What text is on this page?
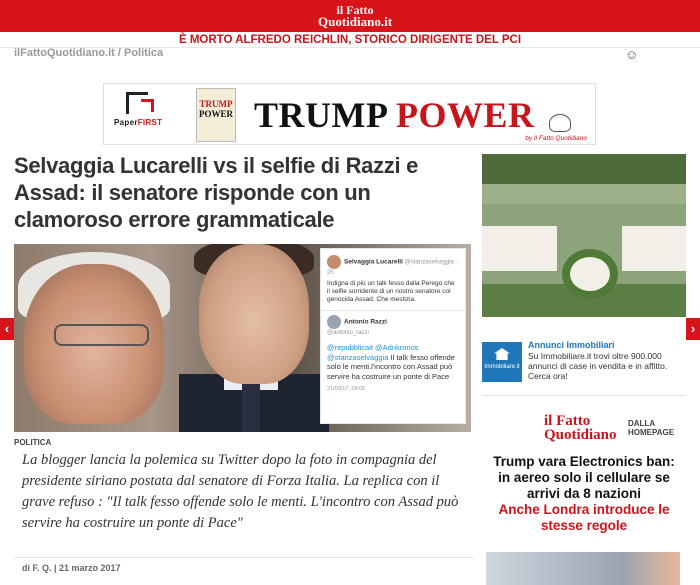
il Fatto
Quotidiano.it
È MORTO ALFREDO REICHLIN, STORICO DIRIGENTE DEL PCI
ilFattoQuotidiano.it / Politica	☺
PaperFIRST
TRUMP
POWER TRUMP POWER
by Il Fatto Quotidiano
Selvaggia Lucarelli vs il selfie di Razzi e Assad: il senatore risponde con un clamoroso errore grammaticale
Selvaggia Lucarelli @stanzaselvaggia · 2h
Indigna di più un talk fesso dalla Perego che il selfie sorridente di un nostro senatore col genocida Assad. Che mestizia.
Antonio Razzi
@antonio_razzi
@repubblicait @Adnkronos
@stanzaselvaggia Il talk fesso offende solo le menti.l'incontro con Assad può servire ha costruire un ponte di Pace
21/03/17, 09:05
POLITICA

La blogger lancia la polemica su Twitter dopo la foto in compagnia del presidente siriano postata dal senatore di Forza Italia. La replica con il grave refuso : "Il talk fesso offende solo le menti. L'incontro con Assad può servire ha costruire un ponte di Pace"

di F. Q. | 21 marzo 2017
immobiliare.it
Annunci Immobiliari
Su Immobiliare.it trovi oltre 900.000 annunci di case in vendita e in affitto. Cerca ora!
il Fatto
Quotidiano
DALLA HOMEPAGE
Trump vara Electronics ban: in aereo solo il cellulare se arrivi da 8 nazioni
Anche Londra introduce le stesse regole
‹	›
